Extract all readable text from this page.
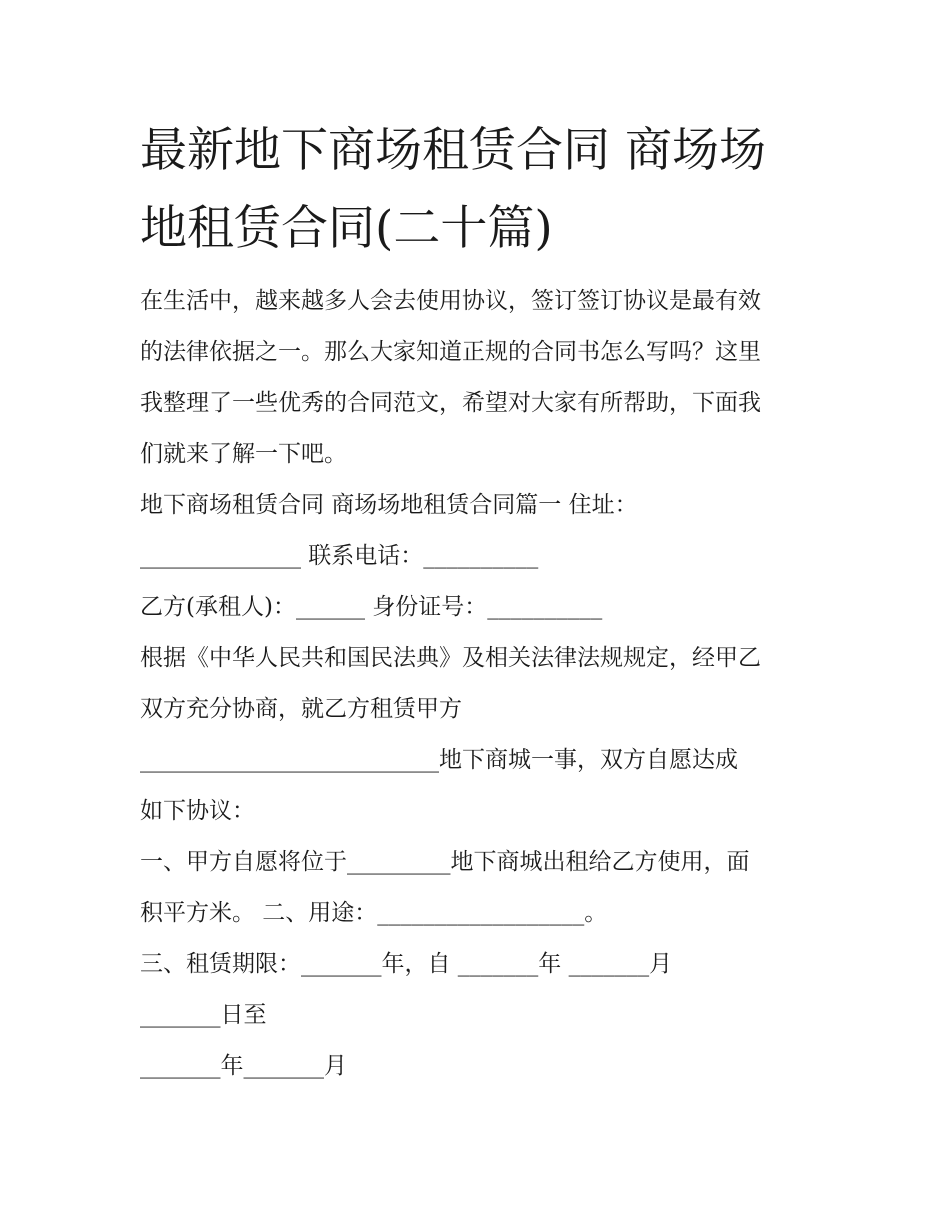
最新地下商场租赁合同 商场场
地租赁合同(二十篇)

在生活中，越来越多人会去使用协议，签订签订协议是最有效

的法律依据之一。那么大家知道正规的合同书怎么写吗？这里

我整理了一些优秀的合同范文，希望对大家有所帮助，下面我

们就来了解一下吧。

地下商场租赁合同 商场场地租赁合同篇一 住址：

______________ 联系电话：__________

乙方(承租人)：______ 身份证号：__________

根据《中华人民共和国民法典》及相关法律法规规定，经甲乙

双方充分协商，就乙方租赁甲方

__________________________地下商城一事，双方自愿达成

如下协议：

一、甲方自愿将位于_________地下商城出租给乙方使用，面

积平方米。 二、用途：__________________。

三、租赁期限：_______年，自 _______年 _______月

_______日至

_______年_______月
